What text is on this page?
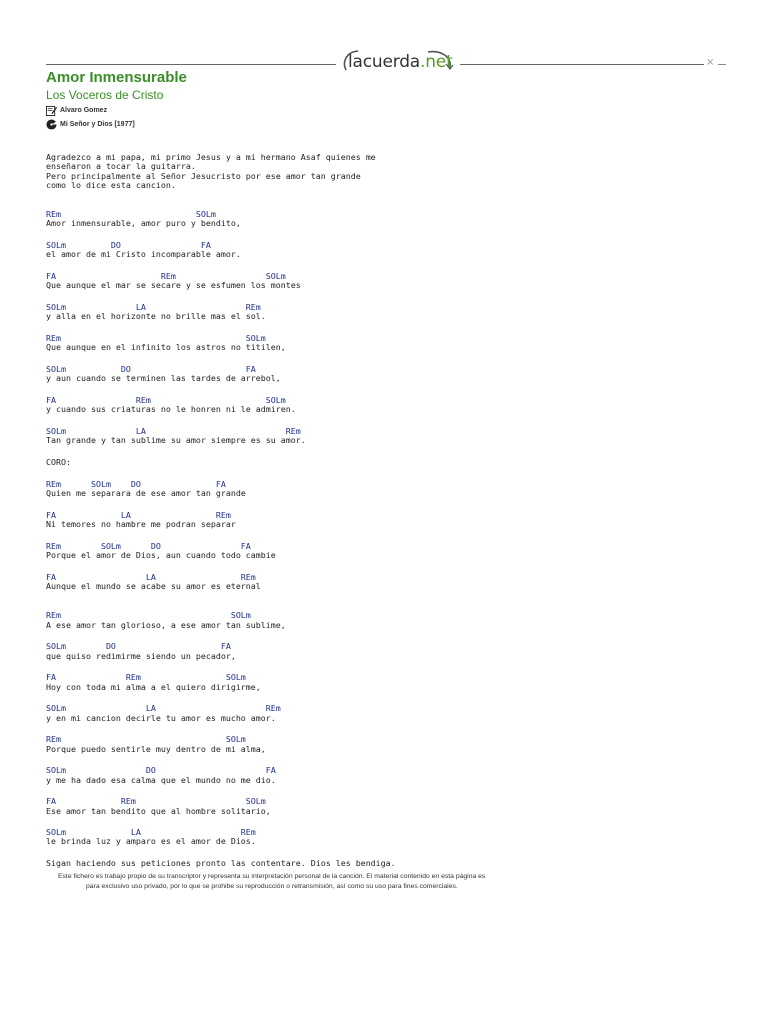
lacuerda.net	×
Amor Inmensurable
Los Voceros de Cristo
Alvaro Gomez
Mi Señor y Dios [1977]
Agradezco a mi papa, mi primo Jesus y a mi hermano Asaf quienes me
enseñaron a tocar la guitarra.
Pero principalmente al Señor Jesucristo por ese amor tan grande
como lo dice esta cancion.
REm                           SOLm
Amor inmensurable, amor puro y bendito,
SOLm         DO                FA
el amor de mi Cristo incomparable amor.
FA                     REm                  SOLm
Que aunque el mar se secare y se esfumen los montes
SOLm              LA                    REm
y alla en el horizonte no brille mas el sol.
REm                                     SOLm
Que aunque en el infinito los astros no titilen,
SOLm           DO                       FA
y aun cuando se terminen las tardes de arrebol,
FA                REm                       SOLm
y cuando sus criaturas no le honren ni le admiren.
SOLm              LA                            REm
Tan grande y tan sublime su amor siempre es su amor.
CORO:
REm      SOLm    DO               FA
Quien me separara de ese amor tan grande
FA             LA                 REm
Ni temores no hambre me podran separar
REm        SOLm      DO                FA
Porque el amor de Dios, aun cuando todo cambie
FA                  LA                 REm
Aunque el mundo se acabe su amor es eternal
REm                                  SOLm
A ese amor tan glorioso, a ese amor tan sublime,
SOLm        DO                     FA
que quiso redimirme siendo un pecador,
FA              REm                 SOLm
Hoy con toda mi alma a el quiero dirigirme,
SOLm                LA                      REm
y en mi cancion decirle tu amor es mucho amor.
REm                                 SOLm
Porque puedo sentirle muy dentro de mi alma,
SOLm                DO                      FA
y me ha dado esa calma que el mundo no me dio.
FA             REm                      SOLm
Ese amor tan bendito que al hombre solitario,
SOLm             LA                    REm
le brinda luz y amparo es el amor de Dios.
Sigan haciendo sus peticiones pronto las contentare. Dios les bendiga.
Este fichero es trabajo propio de su transcriptor y representa su interpretación personal de la canción. El material contenido en esta página es
para exclusivo uso privado, por lo que se prohibe su reproducción o retransmisión, así como su uso para fines comerciales.
